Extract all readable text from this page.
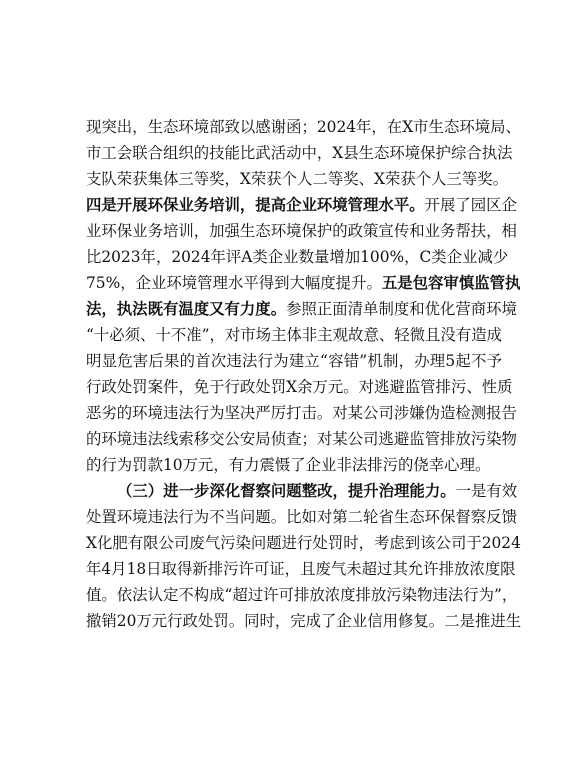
现突出，生态环境部致以感谢函；2024年，在X市生态环境局、
市工会联合组织的技能比武活动中，X县生态环境保护综合执法
支队荣获集体三等奖，X荣获个人二等奖、X荣获个人三等奖。
四是开展环保业务培训，提高企业环境管理水平。开展了园区企
业环保业务培训，加强生态环境保护的政策宣传和业务帮扶，相
比2023年，2024年评A类企业数量增加100%，C类企业减少
75%，企业环境管理水平得到大幅度提升。五是包容审慎监管执
法，执法既有温度又有力度。参照正面清单制度和优化营商环境
“十必须、十不准”，对市场主体非主观故意、轻微且没有造成
明显危害后果的首次违法行为建立“容错”机制，办理5起不予
行政处罚案件，免于行政处罚X余万元。对逃避监管排污、性质
恶劣的环境违法行为坚决严厉打击。对某公司涉嫌伪造检测报告
的环境违法线索移交公安局侦查；对某公司逃避监管排放污染物
的行为罚款10万元，有力震慑了企业非法排污的侥幸心理。
（三）进一步深化督察问题整改，提升治理能力。一是有效
处置环境违法行为不当问题。比如对第二轮省生态环保督察反馈
X化肥有限公司废气污染问题进行处罚时，考虑到该公司于2024
年4月18日取得新排污许可证，且废气未超过其允许排放浓度限
值。依法认定不构成“超过许可排放浓度排放污染物违法行为”，
撤销20万元行政处罚。同时，完成了企业信用修复。二是推进生
